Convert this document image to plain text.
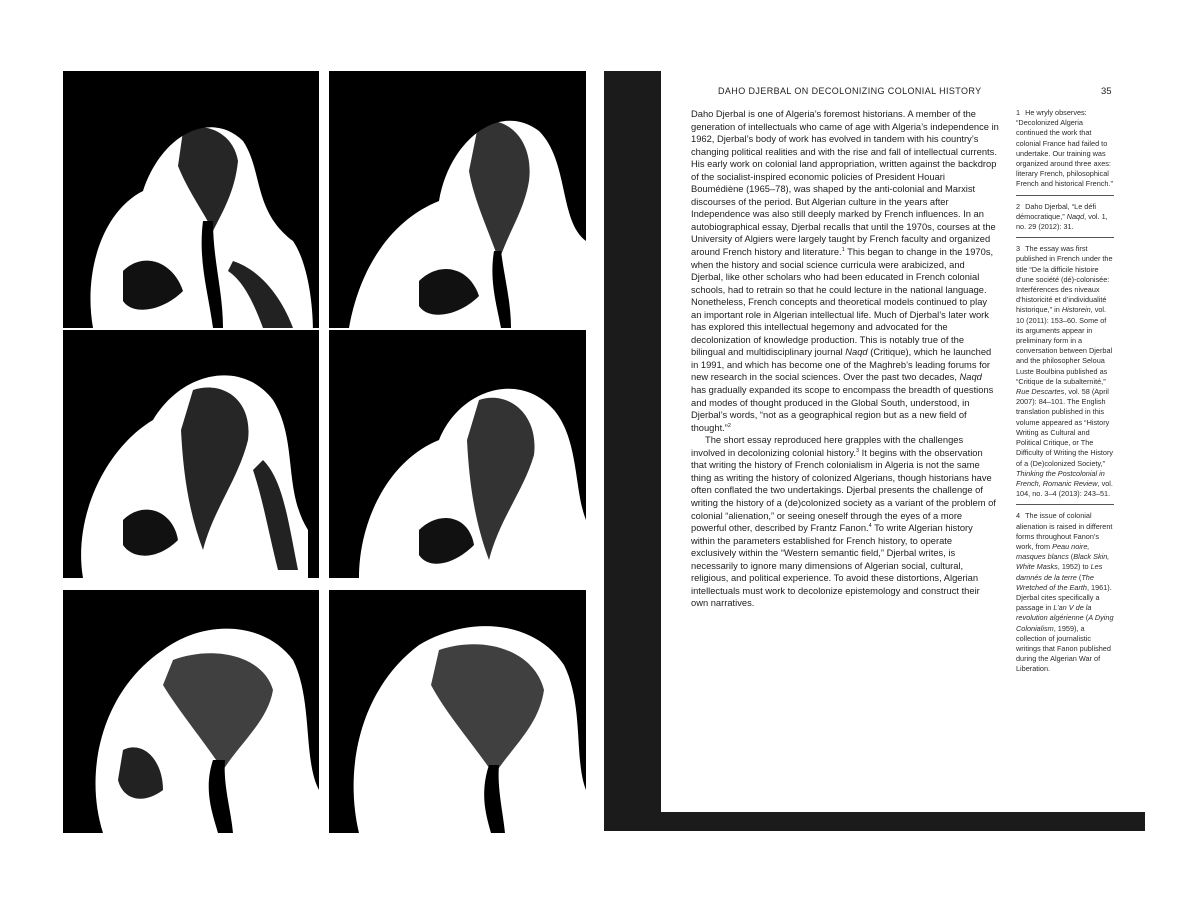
DAHO DJERBAL ON DECOLONIZING COLONIAL HISTORY	35

Daho Djerbal is one of Algeria’s foremost historians. A member of the generation of intellectuals who came of age with Algeria’s independence in 1962, Djerbal’s body of work has evolved in tandem with his country’s changing political realities and with the rise and fall of intellectual currents. His early work on colonial land appropriation, written against the backdrop of the socialist-inspired economic policies of President Houari Boumédiène (1965–78), was shaped by the anti-colonial and Marxist discourses of the period. But Algerian culture in the years after Independence was also still deeply marked by French influences. In an autobiographical essay, Djerbal recalls that until the 1970s, courses at the University of Algiers were largely taught by French faculty and organized around French history and literature.$^1$ This began to change in the 1970s, when the history and social science curricula were arabicized, and Djerbal, like other scholars who had been educated in French colonial schools, had to retrain so that he could lecture in the national language. Nonetheless, French concepts and theoretical models continued to play an important role in Algerian intellectual life. Much of Djerbal’s later work has explored this intellectual hegemony and advocated for the decolonization of knowledge production. This is notably true of the bilingual and multidisciplinary journal Naqd (Critique), which he launched in 1991, and which has become one of the Maghreb’s leading forums for new research in the social sciences. Over the past two decades, Naqd has gradually expanded its scope to encompass the breadth of questions and modes of thought produced in the Global South, understood, in Djerbal’s words, “not as a geographical region but as a new field of thought.”$^2$

The short essay reproduced here grapples with the challenges involved in decolonizing colonial history.$^3$ It begins with the observation that writing the history of French colonialism in Algeria is not the same thing as writing the history of colonized Algerians, though historians have often conflated the two undertakings. Djerbal presents the challenge of writing the history of a (de)colonized society as a variant of the problem of colonial “alienation,” or seeing oneself through the eyes of a more powerful other, described by Frantz Fanon.$^4$ To write Algerian history within the parameters established for French history, to operate exclusively within the “Western semantic field,” Djerbal writes, is necessarily to ignore many dimensions of Algerian social, cultural, religious, and political experience. To avoid these distortions, Algerian intellectuals must work to decolonize epistemology and construct their own narratives.

1 He wryly observes: “Decolonized Algeria continued the work that colonial France had failed to undertake. Our training was organized around three axes: literary French, philosophical French and historical French.”
2 Daho Djerbal, “Le défi démocratique,” Naqd, vol. 1, no. 29 (2012): 31.
3 The essay was first published in French under the title “De la difficile histoire d’une société (dé)-colonisée: Interférences des niveaux d’historicité et d’individualité historique,” in Historein, vol. 10 (2011): 153–60. Some of its arguments appear in preliminary form in a conversation between Djerbal and the philosopher Seloua Luste Boulbina published as “Critique de la subalternité,” Rue Descartes, vol. 58 (April 2007): 84–101. The English translation published in this volume appeared as “History Writing as Cultural and Political Critique, or The Difficulty of Writing the History of a (De)colonized Society,” Thinking the Postcolonial in French, Romanic Review, vol. 104, no. 3–4 (2013): 243–51.
4 The issue of colonial alienation is raised in different forms throughout Fanon’s work, from Peau noire, masques blancs (Black Skin, White Masks, 1952) to Les damnés de la terre (The Wretched of the Earth, 1961). Djerbal cites specifically a passage in L’an V de la revolution algérienne (A Dying Colonialism, 1959), a collection of journalistic writings that Fanon published during the Algerian War of Liberation.
